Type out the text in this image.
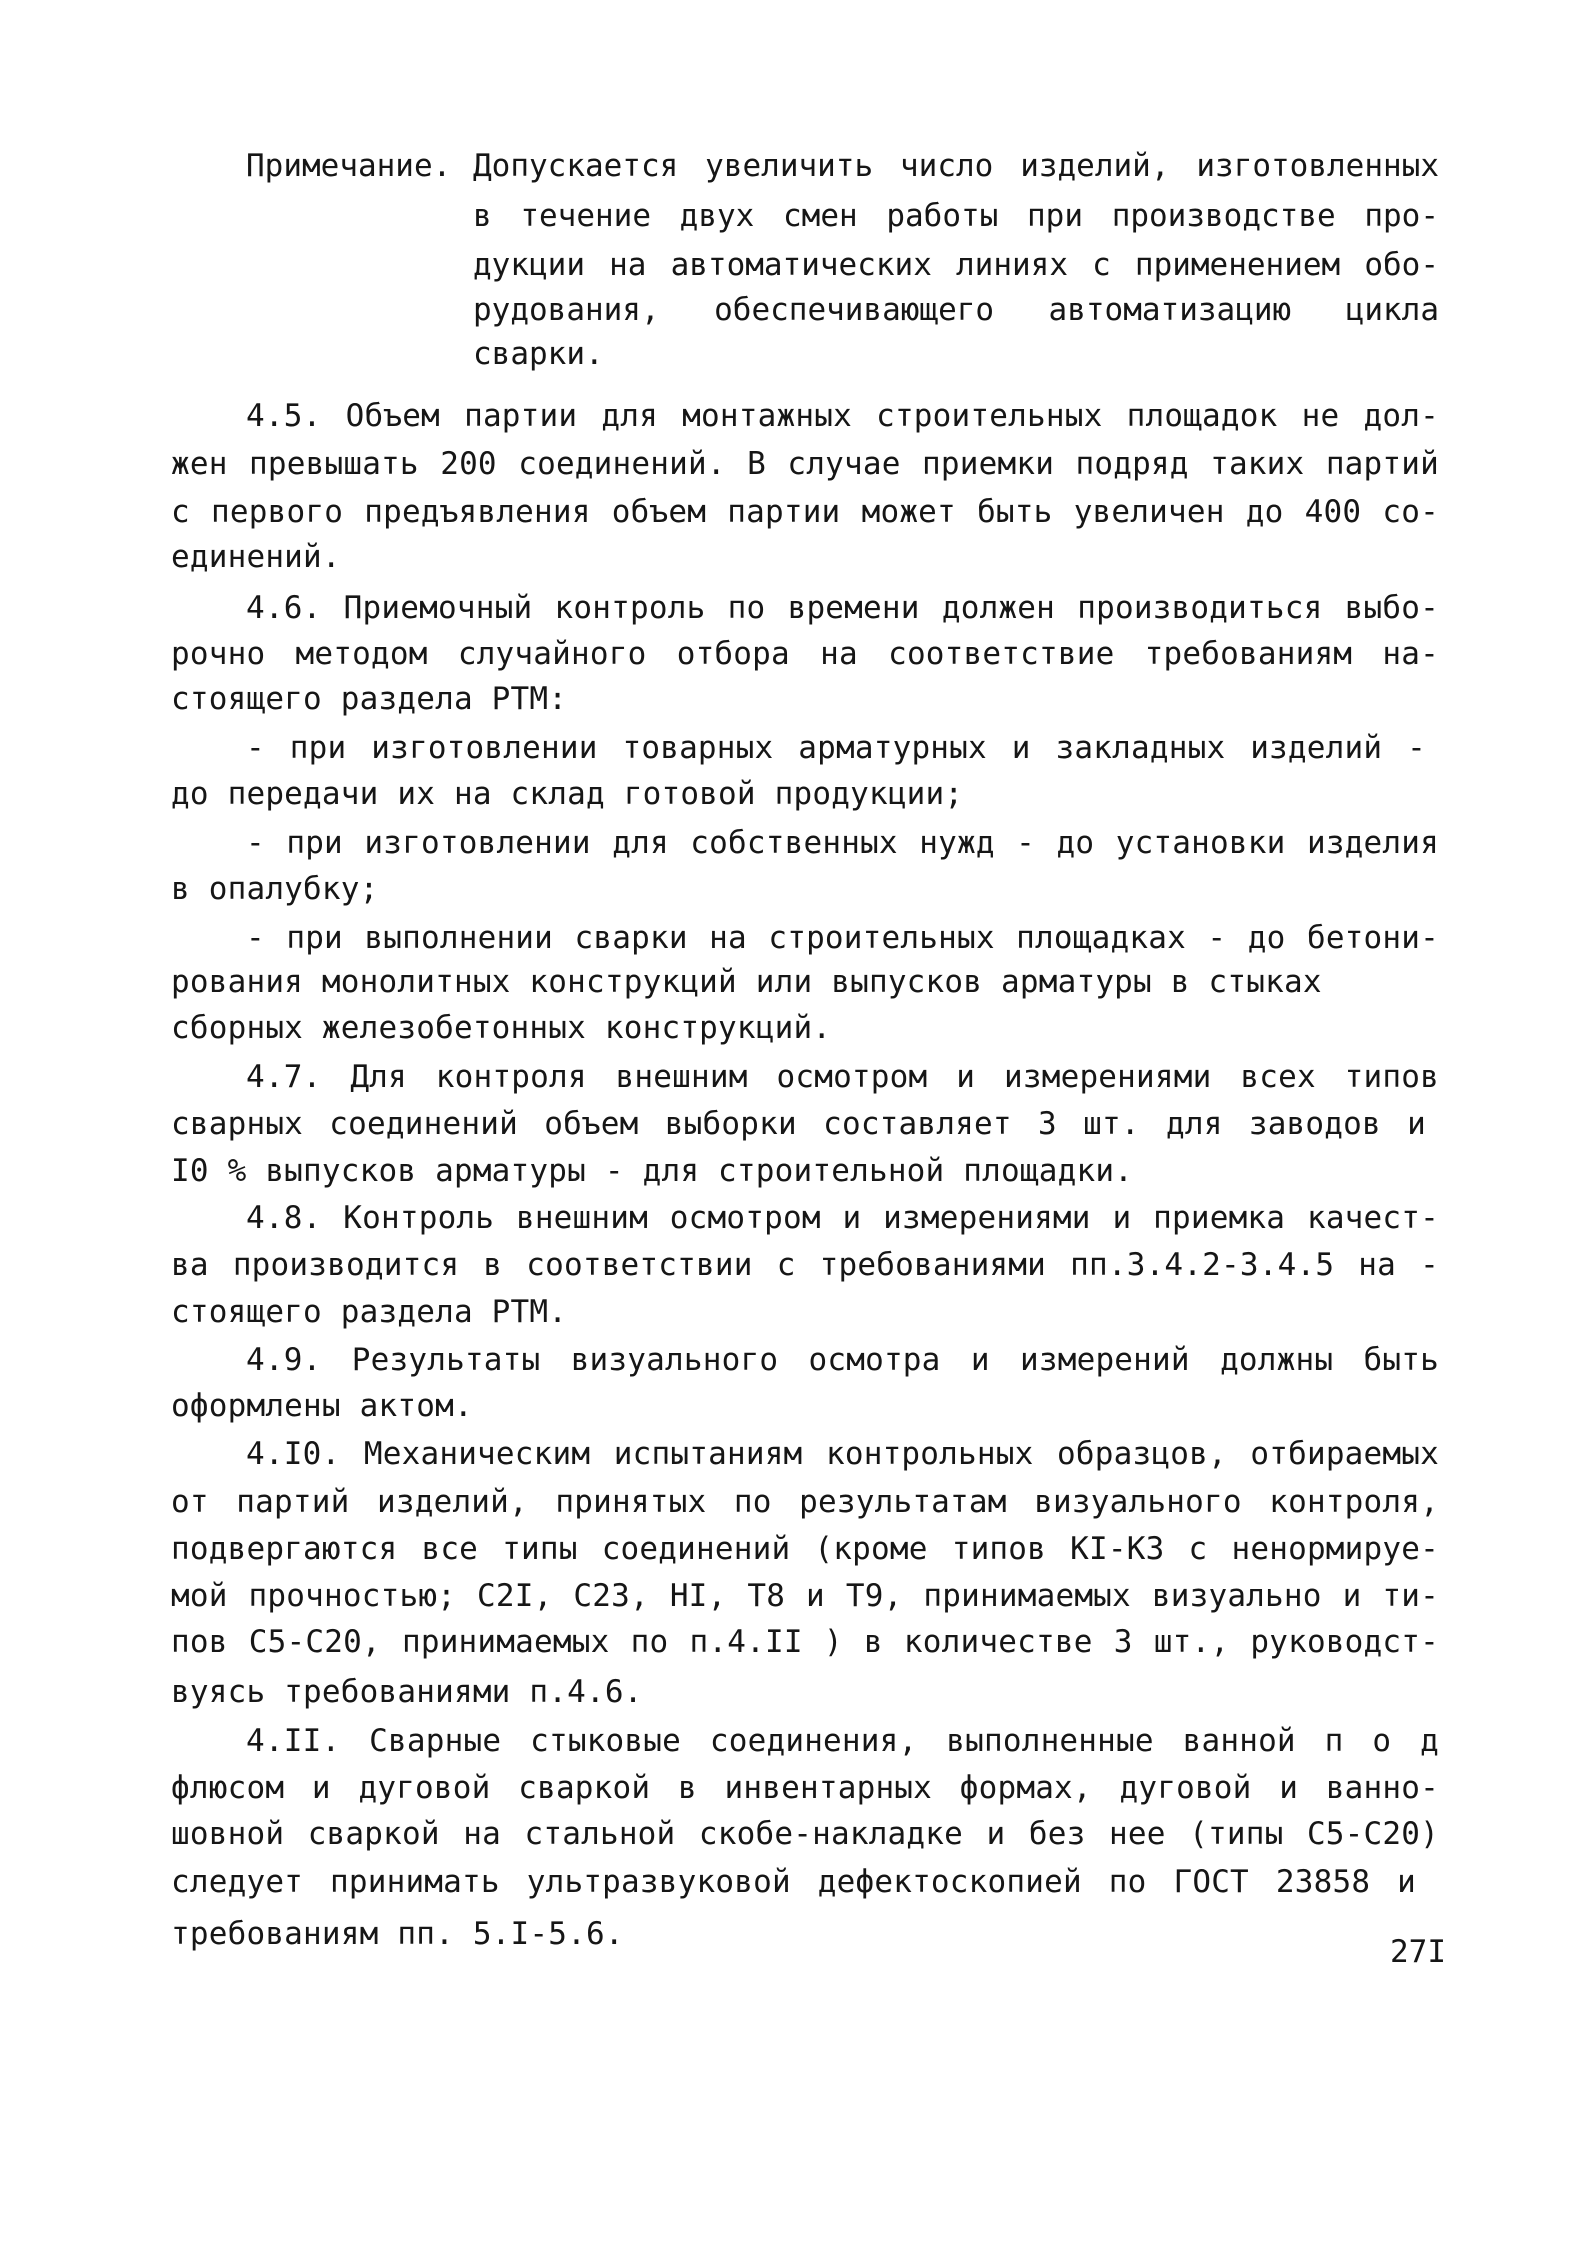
Примечание. Допускается увеличить число изделий, изготовленных
в течение двух смен работы при производстве про-
дукции на автоматических линиях с применением обо-
рудования, обеспечивающего автоматизацию цикла
сварки.
4.5. Объем партии для монтажных строительных площадок не дол-
жен превышать 200 соединений. В случае приемки подряд таких партий
с первого предъявления объем партии может быть увеличен до 400 со-
единений.
4.6. Приемочный контроль по времени должен производиться выбо-
рочно методом случайного отбора на соответствие требованиям на-
стоящего раздела РТМ:
- при изготовлении товарных арматурных и закладных изделий -
до передачи их на склад готовой продукции;
- при изготовлении для собственных нужд - до установки изделия
в опалубку;
- при выполнении сварки на строительных площадках - до бетони-
рования монолитных конструкций или выпусков арматуры в стыках
сборных железобетонных конструкций.
4.7. Для контроля внешним осмотром и измерениями всех типов
сварных соединений объем выборки составляет 3 шт. для заводов и
I0 % выпусков арматуры - для строительной площадки.
4.8. Контроль внешним осмотром и измерениями и приемка качест-
ва производится в соответствии с требованиями пп.3.4.2-3.4.5 на -
стоящего раздела РТМ.
4.9. Результаты визуального осмотра и измерений должны быть
оформлены актом.
4.I0. Механическим испытаниям контрольных образцов, отбираемых
от партий изделий, принятых по результатам визуального контроля,
подвергаются все типы соединений (кроме типов КI-К3 с ненормируе-
мой прочностью; С2I, С23, НI, Т8 и Т9, принимаемых визуально и ти-
пов С5-С20, принимаемых по п.4.II ) в количестве 3 шт., руководст-
вуясь требованиями п.4.6.
4.II. Сварные стыковые соединения, выполненные ванной п о д
флюсом и дуговой сваркой в инвентарных формах, дуговой и ванно-
шовной сваркой на стальной скобе-накладке и без нее (типы С5-С20)
следует принимать ультразвуковой дефектоскопией по ГОСТ 23858 и
требованиям пп. 5.I-5.6.	27I
